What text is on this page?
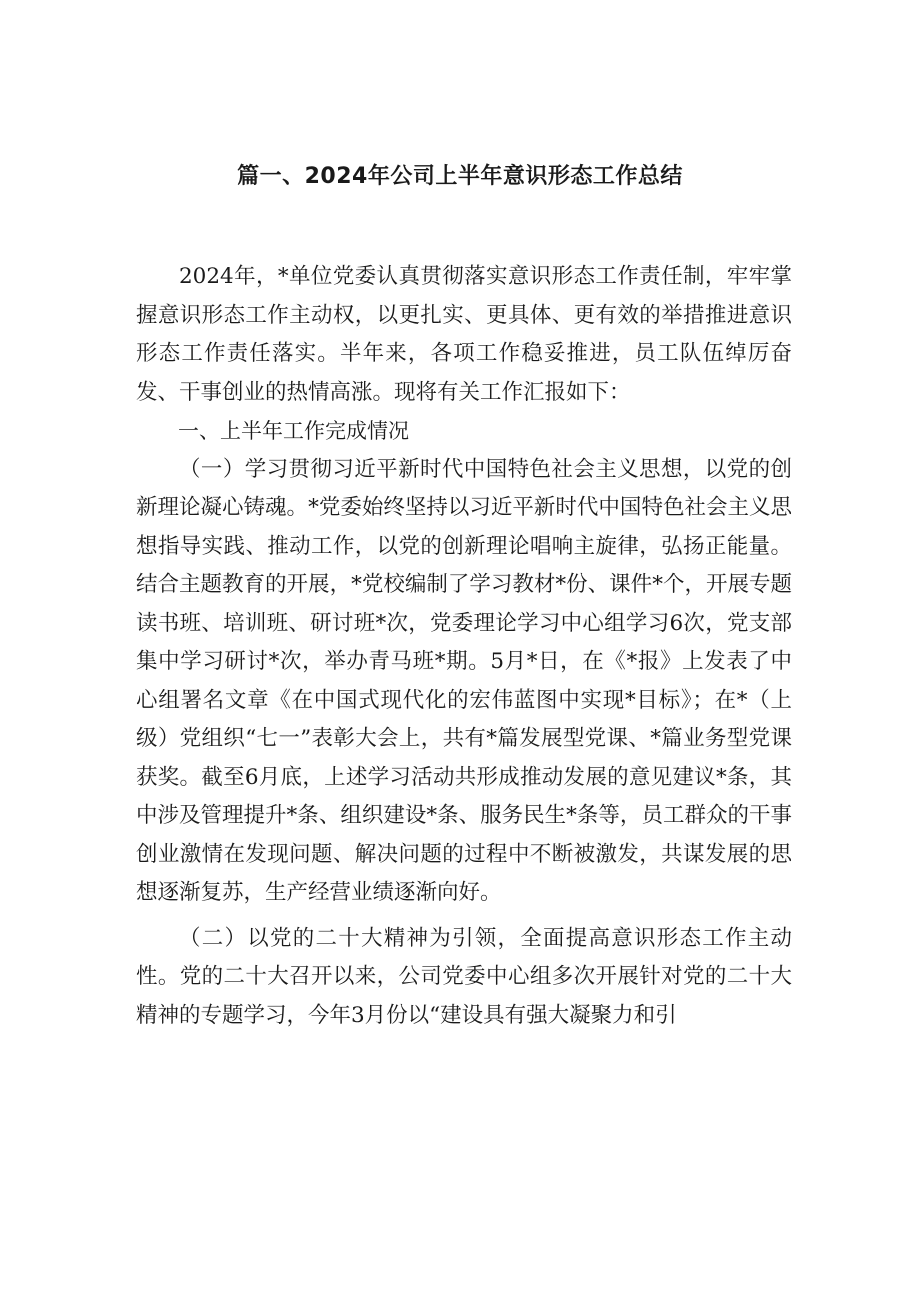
篇一、2024年公司上半年意识形态工作总结

2024年，*单位党委认真贯彻落实意识形态工作责任制，牢牢掌握意识形态工作主动权，以更扎实、更具体、更有效的举措推进意识形态工作责任落实。半年来，各项工作稳妥推进，员工队伍绰厉奋发、干事创业的热情高涨。现将有关工作汇报如下：

一、上半年工作完成情况

（一）学习贯彻习近平新时代中国特色社会主义思想，以党的创新理论凝心铸魂。*党委始终坚持以习近平新时代中国特色社会主义思想指导实践、推动工作，以党的创新理论唱响主旋律，弘扬正能量。结合主题教育的开展，*党校编制了学习教材*份、课件*个，开展专题读书班、培训班、研讨班*次，党委理论学习中心组学习6次，党支部集中学习研讨*次，举办青马班*期。5月*日，在《*报》上发表了中心组署名文章《在中国式现代化的宏伟蓝图中实现*目标》；在*（上级）党组织“七一”表彰大会上，共有*篇发展型党课、*篇业务型党课获奖。截至6月底，上述学习活动共形成推动发展的意见建议*条，其中涉及管理提升*条、组织建设*条、服务民生*条等，员工群众的干事创业激情在发现问题、解决问题的过程中不断被激发，共谋发展的思想逐渐复苏，生产经营业绩逐渐向好。

（二）以党的二十大精神为引领，全面提高意识形态工作主动性。党的二十大召开以来，公司党委中心组多次开展针对党的二十大精神的专题学习，今年3月份以“建设具有强大凝聚力和引
